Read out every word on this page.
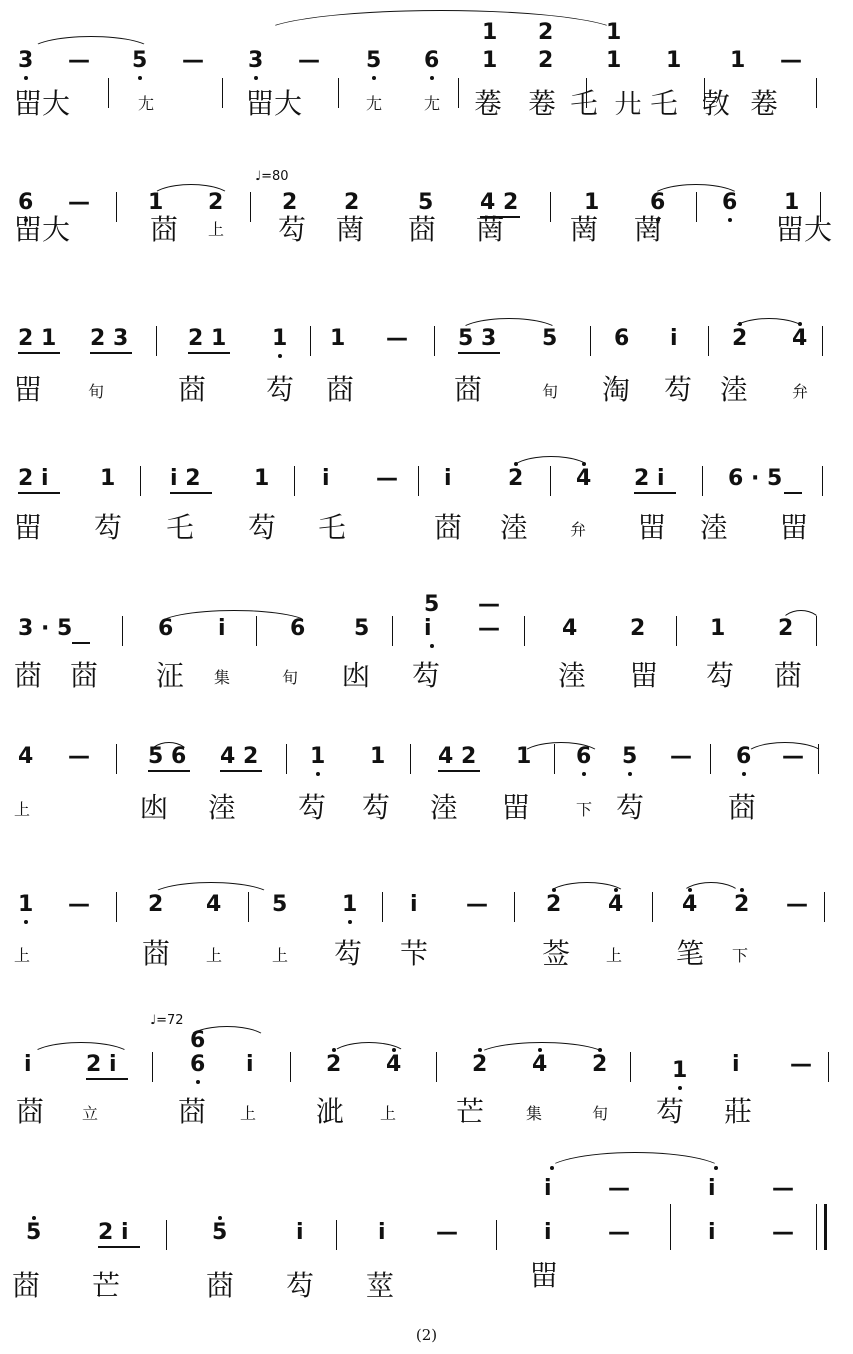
1 2 1
3 — 5 — 3 — 5 6 1 2 1 1 1 —
㽞大	尢	㽞大	尢	尢 菤 菤 乇 𢌬 乇 㪍 菤
♩=80
6 —	1 2	2 2	5 4 2	1 6	6 1
㽞大	莔 上 芶 菵 莔 菵 菵 菵	㽞大
2 1 2 3	2 1 1 1 — 5 3 5	6 i 2 4
㽞	旬	莔 芶 莔	莔	旬 淘 芶 淕	弁
2 i 1 i 2 1 i — i	2 4 2 i	6 · 5
㽞 芶 乇 芶 乇	莔 淕	弁 㽞 淕 㽞
5 —
3 · 5	6 i	6 5 i —	4 2	1 2
莔 莔 泟 集	旬 凼 芶	淕 㽞 芶 莔
4 —	5 6 4 2 1 1 4 2 1 6 5 — 6 —
上	凼 淕 芶 芶 淕 㽞	下 芶	莔
1 —	2 4 5 1 i —	2 4	4 2 —
上	莔 上	上 芶 芐	莶 上 笔 下
♩=72
6
i 2 i	6 i	2 4	2 4 2	1 i —
莔 立	莔 上 泚 上 芒	集	旬 芶 莊
i	—	i	—
5	2 i	5	i	i —	i	—	i	—
莔 芒	莔 芶 莖	㽞
(2)
